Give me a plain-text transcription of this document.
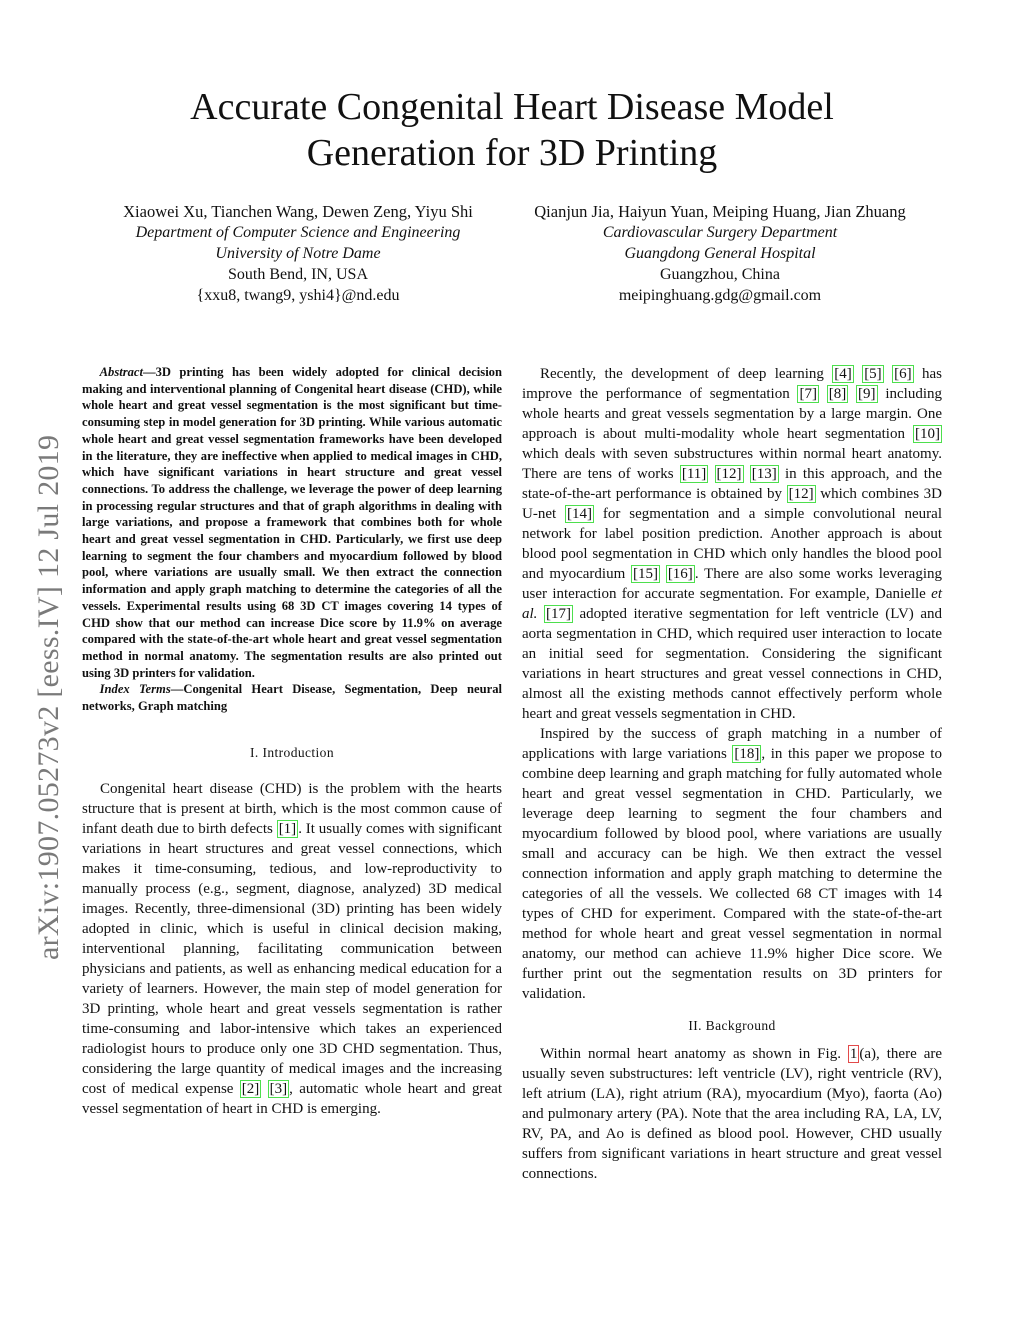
arXiv:1907.05273v2 [eess.IV] 12 Jul 2019
Accurate Congenital Heart Disease Model
Generation for 3D Printing
Xiaowei Xu, Tianchen Wang, Dewen Zeng, Yiyu Shi
Department of Computer Science and Engineering
University of Notre Dame
South Bend, IN, USA
{xxu8, twang9, yshi4}@nd.edu
Qianjun Jia, Haiyun Yuan, Meiping Huang, Jian Zhuang
Cardiovascular Surgery Department
Guangdong General Hospital
Guangzhou, China
meipinghuang.gdg@gmail.com

Abstract—3D printing has been widely adopted for clinical decision making and interventional planning of Congenital heart disease (CHD), while whole heart and great vessel segmentation is the most significant but time-consuming step in model generation for 3D printing. While various automatic whole heart and great vessel segmentation frameworks have been developed in the literature, they are ineffective when applied to medical images in CHD, which have significant variations in heart structure and great vessel connections. To address the challenge, we leverage the power of deep learning in processing regular structures and that of graph algorithms in dealing with large variations, and propose a framework that combines both for whole heart and great vessel segmentation in CHD. Particularly, we first use deep learning to segment the four chambers and myocardium followed by blood pool, where variations are usually small. We then extract the connection information and apply graph matching to determine the categories of all the vessels. Experimental results using 68 3D CT images covering 14 types of CHD show that our method can increase Dice score by 11.9% on average compared with the state-of-the-art whole heart and great vessel segmentation method in normal anatomy. The segmentation results are also printed out using 3D printers for validation.

Index Terms—Congenital Heart Disease, Segmentation, Deep neural networks, Graph matching

I. Introduction

Congenital heart disease (CHD) is the problem with the hearts structure that is present at birth, which is the most common cause of infant death due to birth defects [1] . It usually comes with significant variations in heart structures and great vessel connections, which makes it time-consuming, tedious, and low-reproductivity to manually process (e.g., segment, diagnose, analyzed) 3D medical images. Recently, three-dimensional (3D) printing has been widely adopted in clinic, which is useful in clinical decision making, interventional planning, facilitating communication between physicians and patients, as well as enhancing medical education for a variety of learners. However, the main step of model generation for 3D printing, whole heart and great vessels segmentation is rather time-consuming and labor-intensive which takes an experienced radiologist hours to produce only one 3D CHD segmentation. Thus, considering the large quantity of medical images and the increasing cost of medical expense [2] [3] , automatic whole heart and great vessel segmentation of heart in CHD is emerging.

Recently, the development of deep learning [4] [5] [6] has improve the performance of segmentation [7] [8] [9] including whole hearts and great vessels segmentation by a large margin. One approach is about multi-modality whole heart segmentation [10] which deals with seven substructures within normal heart anatomy. There are tens of works [11] [12] [13] in this approach, and the state-of-the-art performance is obtained by [12] which combines 3D U-net [14] for segmentation and a simple convolutional neural network for label position prediction. Another approach is about blood pool segmentation in CHD which only handles the blood pool and myocardium [15] [16] . There are also some works leveraging user interaction for accurate segmentation. For example, Danielle et al. [17] adopted iterative segmentation for left ventricle (LV) and aorta segmentation in CHD, which required user interaction to locate an initial seed for segmentation. Considering the significant variations in heart structures and great vessel connections in CHD, almost all the existing methods cannot effectively perform whole heart and great vessels segmentation in CHD.

Inspired by the success of graph matching in a number of applications with large variations [18] , in this paper we propose to combine deep learning and graph matching for fully automated whole heart and great vessel segmentation in CHD. Particularly, we leverage deep learning to segment the four chambers and myocardium followed by blood pool, where variations are usually small and accuracy can be high. We then extract the vessel connection information and apply graph matching to determine the categories of all the vessels. We collected 68 CT images with 14 types of CHD for experiment. Compared with the state-of-the-art method for whole heart and great vessel segmentation in normal anatomy, our method can achieve 11.9% higher Dice score. We further print out the segmentation results on 3D printers for validation.

II. Background

Within normal heart anatomy as shown in Fig. 1 (a), there are usually seven substructures: left ventricle (LV), right ventricle (RV), left atrium (LA), right atrium (RA), myocardium (Myo), faorta (Ao) and pulmonary artery (PA). Note that the area including RA, LA, LV, RV, PA, and Ao is defined as blood pool. However, CHD usually suffers from significant variations in heart structure and great vessel connections.
